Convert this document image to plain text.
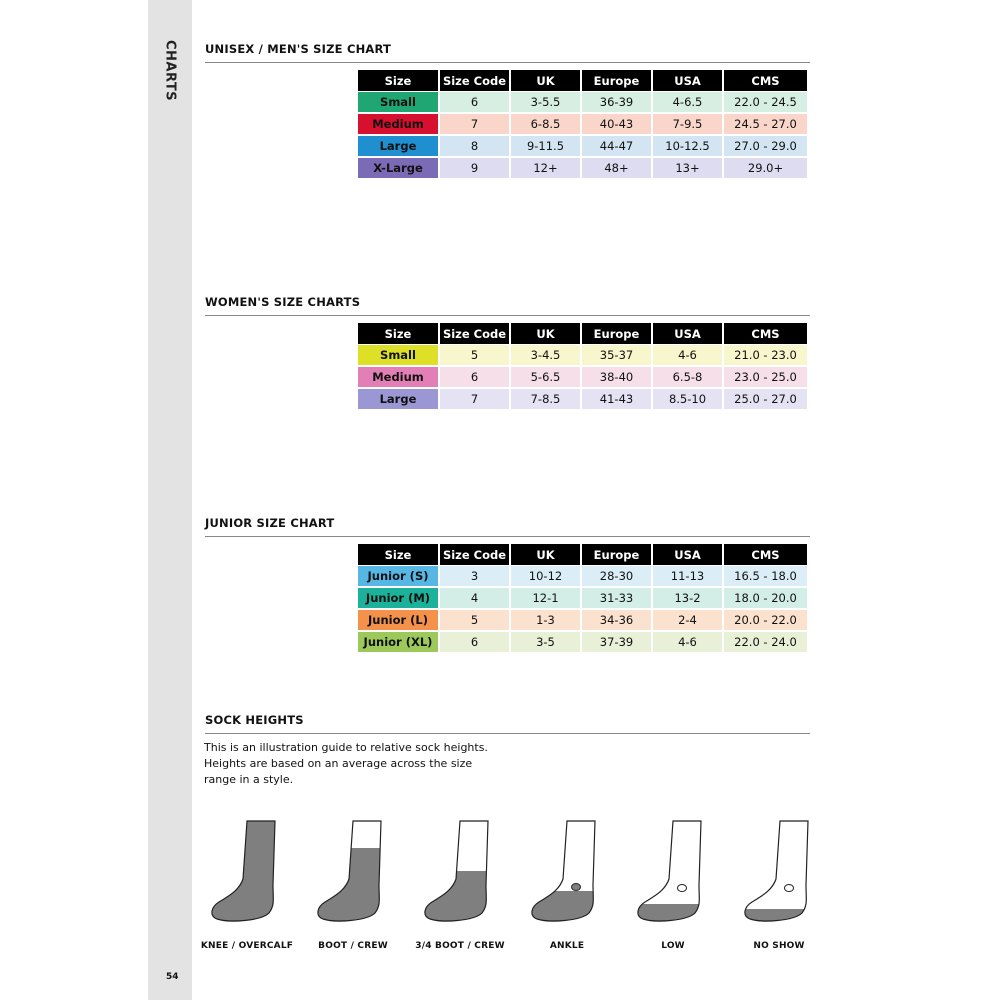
CHARTS
54
UNISEX / MEN'S SIZE CHART
Size	Size Code	UK	Europe	USA	CMS
Small	6	3-5.5	36-39	4-6.5	22.0 - 24.5
Medium	7	6-8.5	40-43	7-9.5	24.5 - 27.0
Large	8	9-11.5	44-47	10-12.5	27.0 - 29.0
X-Large	9	12+	48+	13+	29.0+
WOMEN'S SIZE CHARTS
Size	Size Code	UK	Europe	USA	CMS
Small	5	3-4.5	35-37	4-6	21.0 - 23.0
Medium	6	5-6.5	38-40	6.5-8	23.0 - 25.0
Large	7	7-8.5	41-43	8.5-10	25.0 - 27.0
JUNIOR SIZE CHART
Size	Size Code	UK	Europe	USA	CMS
Junior (S)	3	10-12	28-30	11-13	16.5 - 18.0
Junior (M)	4	12-1	31-33	13-2	18.0 - 20.0
Junior (L)	5	1-3	34-36	2-4	20.0 - 22.0
Junior (XL)	6	3-5	37-39	4-6	22.0 - 24.0
SOCK HEIGHTS
This is an illustration guide to relative sock heights.
Heights are based on an average across the size
range in a style.
KNEE / OVERCALF	BOOT / CREW	3/4 BOOT / CREW	ANKLE	LOW	NO SHOW
